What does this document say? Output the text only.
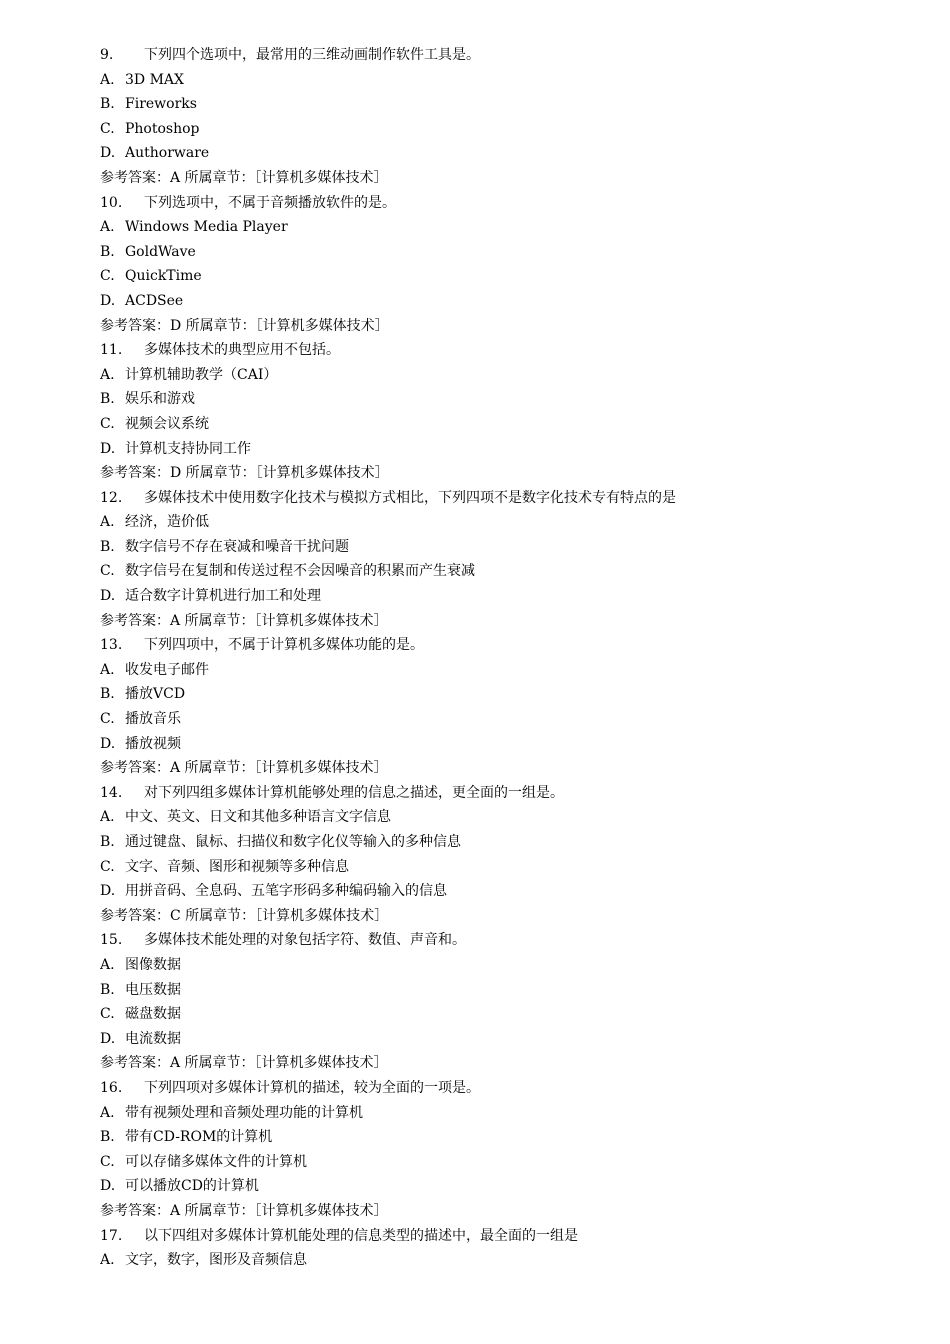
9. 下列四个选项中，最常用的三维动画制作软件工具是。
A. 3D MAX
B. Fireworks
C. Photoshop
D. Authorware
参考答案：A 所属章节：［计算机多媒体技术］
10. 下列选项中，不属于音频播放软件的是。
A. Windows Media Player
B. GoldWave
C. QuickTime
D. ACDSee
参考答案：D 所属章节：［计算机多媒体技术］
11. 多媒体技术的典型应用不包括。
A. 计算机辅助教学（CAI）
B. 娱乐和游戏
C. 视频会议系统
D. 计算机支持协同工作
参考答案：D 所属章节：［计算机多媒体技术］
12. 多媒体技术中使用数字化技术与模拟方式相比，下列四项不是数字化技术专有特点的是
A. 经济，造价低
B. 数字信号不存在衰减和噪音干扰问题
C. 数字信号在复制和传送过程不会因噪音的积累而产生衰减
D. 适合数字计算机进行加工和处理
参考答案：A 所属章节：［计算机多媒体技术］
13. 下列四项中，不属于计算机多媒体功能的是。
A. 收发电子邮件
B. 播放VCD
C. 播放音乐
D. 播放视频
参考答案：A 所属章节：［计算机多媒体技术］
14. 对下列四组多媒体计算机能够处理的信息之描述，更全面的一组是。
A. 中文、英文、日文和其他多种语言文字信息
B. 通过键盘、鼠标、扫描仪和数字化仪等输入的多种信息
C. 文字、音频、图形和视频等多种信息
D. 用拼音码、全息码、五笔字形码多种编码输入的信息
参考答案：C 所属章节：［计算机多媒体技术］
15. 多媒体技术能处理的对象包括字符、数值、声音和。
A. 图像数据
B. 电压数据
C. 磁盘数据
D. 电流数据
参考答案：A 所属章节：［计算机多媒体技术］
16. 下列四项对多媒体计算机的描述，较为全面的一项是。
A. 带有视频处理和音频处理功能的计算机
B. 带有CD-ROM的计算机
C. 可以存储多媒体文件的计算机
D. 可以播放CD的计算机
参考答案：A 所属章节：［计算机多媒体技术］
17. 以下四组对多媒体计算机能处理的信息类型的描述中，最全面的一组是
A. 文字，数字，图形及音频信息
